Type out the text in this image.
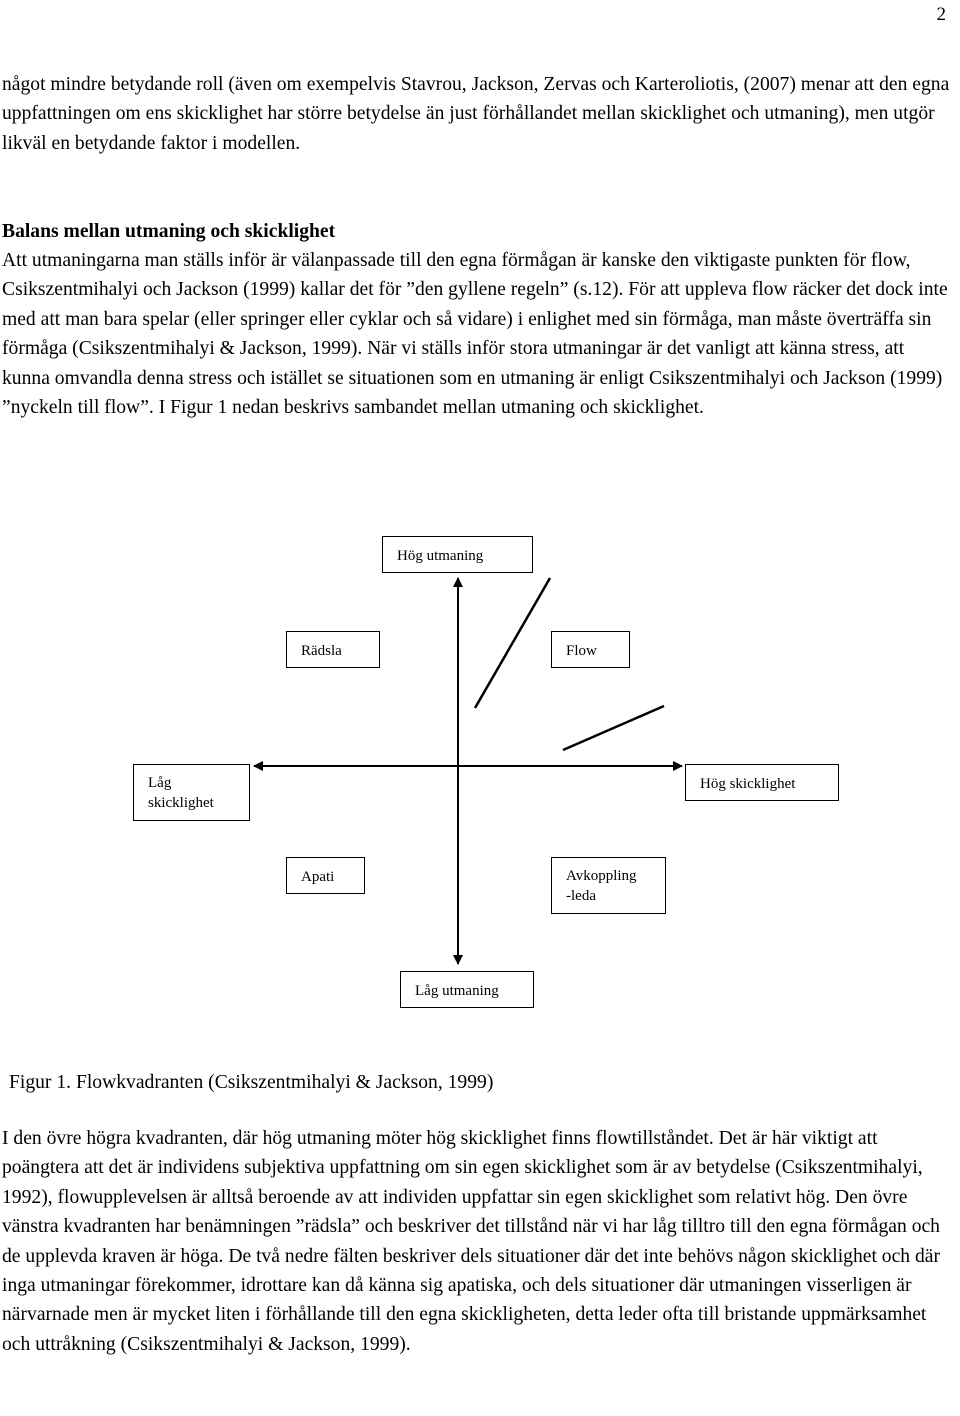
2

något mindre betydande roll (även om exempelvis Stavrou, Jackson, Zervas och Karteroliotis, (2007) menar att den egna uppfattningen om ens skicklighet har större betydelse än just förhållandet mellan skicklighet och utmaning), men utgör likväl en betydande faktor i modellen.

Balans mellan utmaning och skicklighet

Att utmaningarna man ställs inför är välanpassade till den egna förmågan är kanske den viktigaste punkten för flow, Csikszentmihalyi och Jackson (1999) kallar det för ”den gyllene regeln” (s.12). För att uppleva flow räcker det dock inte med att man bara spelar (eller springer eller cyklar och så vidare) i enlighet med sin förmåga, man måste överträffa sin förmåga (Csikszentmihalyi & Jackson, 1999). När vi ställs inför stora utmaningar är det vanligt att känna stress, att kunna omvandla denna stress och istället se situationen som en utmaning är enligt Csikszentmihalyi och Jackson (1999) ”nyckeln till flow”. I Figur 1 nedan beskrivs sambandet mellan utmaning och skicklighet.

Hög utmaning
Rädsla	Flow
Låg
skicklighet
Hög skicklighet
Apati	Avkoppling
-leda
Låg utmaning

Figur 1. Flowkvadranten (Csikszentmihalyi & Jackson, 1999)

I den övre högra kvadranten, där hög utmaning möter hög skicklighet finns flowtillståndet. Det är här viktigt att poängtera att det är individens subjektiva uppfattning om sin egen skicklighet som är av betydelse (Csikszentmihalyi, 1992), flowupplevelsen är alltså beroende av att individen uppfattar sin egen skicklighet som relativt hög. Den övre vänstra kvadranten har benämningen ”rädsla” och beskriver det tillstånd när vi har låg tilltro till den egna förmågan och de upplevda kraven är höga. De två nedre fälten beskriver dels situationer där det inte behövs någon skicklighet och där inga utmaningar förekommer, idrottare kan då känna sig apatiska, och dels situationer där utmaningen visserligen är närvarnade men är mycket liten i förhållande till den egna skickligheten, detta leder ofta till bristande uppmärksamhet och uttråkning (Csikszentmihalyi & Jackson, 1999).
